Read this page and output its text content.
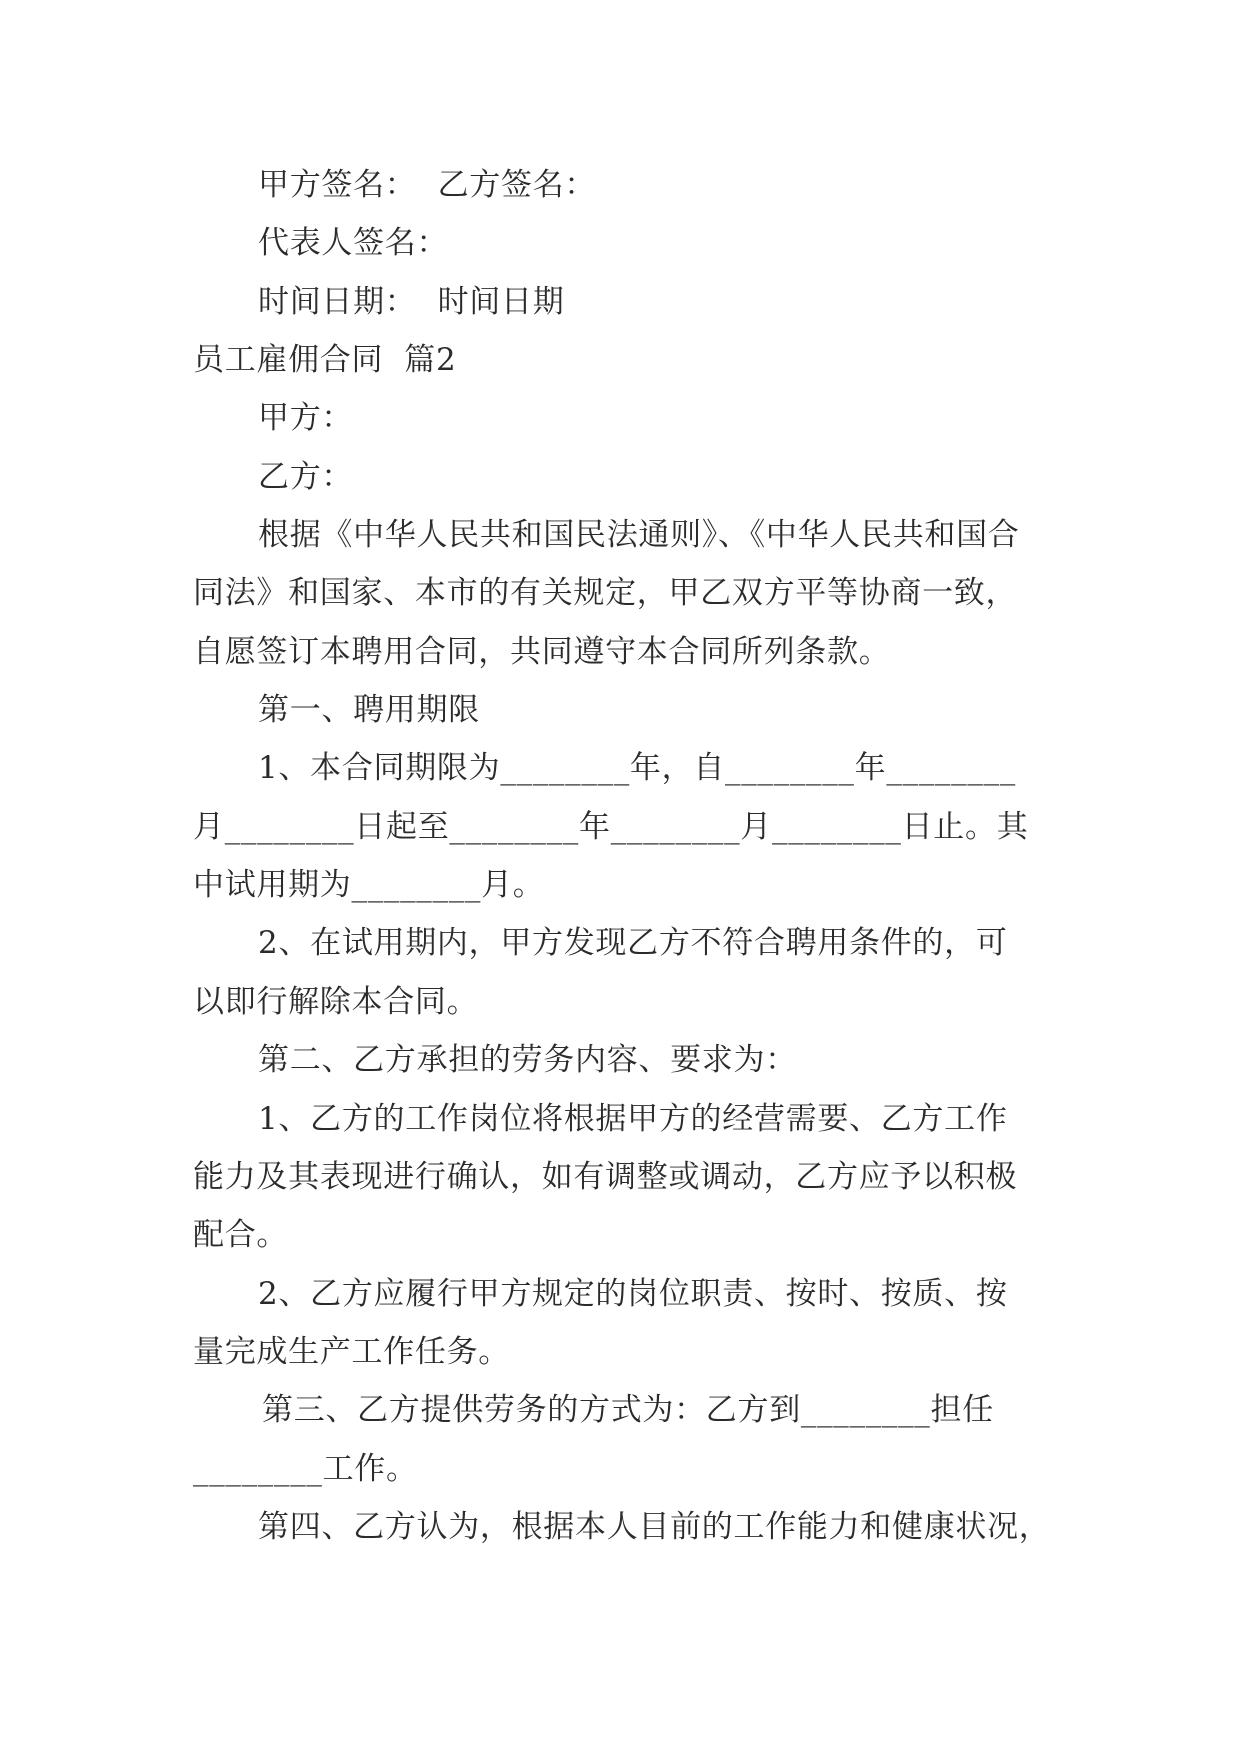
甲方签名：  乙方签名：
代表人签名：
时间日期：  时间日期
员工雇佣合同  篇2
甲方：
乙方：
根据《中华人民共和国民法通则》、《中华人民共和国合
同法》和国家、本市的有关规定，甲乙双方平等协商一致，
自愿签订本聘用合同，共同遵守本合同所列条款。
第一、聘用期限
1、本合同期限为________年，自________年________
月________日起至________年________月________日止。其
中试用期为________月。
2、在试用期内，甲方发现乙方不符合聘用条件的，可
以即行解除本合同。
第二、乙方承担的劳务内容、要求为：
1、乙方的工作岗位将根据甲方的经营需要、乙方工作
能力及其表现进行确认，如有调整或调动，乙方应予以积极
配合。
2、乙方应履行甲方规定的岗位职责、按时、按质、按
量完成生产工作任务。
第三、乙方提供劳务的方式为：乙方到________担任
________工作。
第四、乙方认为，根据本人目前的工作能力和健康状况，
